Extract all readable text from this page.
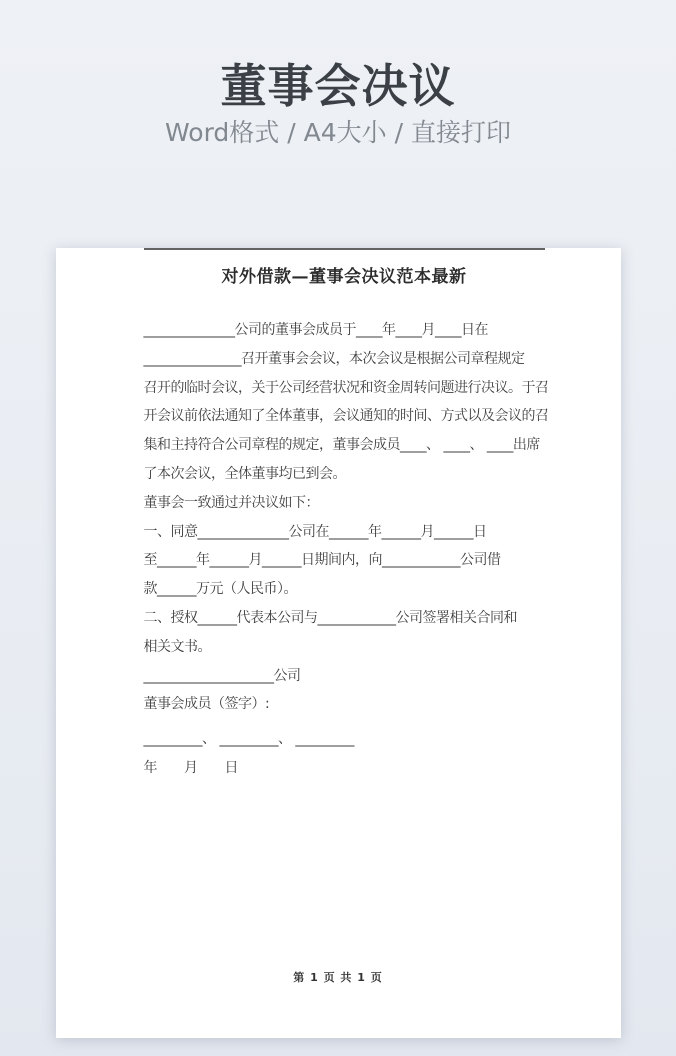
董事会决议
Word格式 / A4大小 / 直接打印
对外借款—董事会决议范本最新
______________公司的董事会成员于____年____月____日在
_______________召开董事会会议，本次会议是根据公司章程规定
召开的临时会议，关于公司经营状况和资金周转问题进行决议。于召
开会议前依法通知了全体董事，会议通知的时间、方式以及会议的召
集和主持符合公司章程的规定，董事会成员____、 ____、 ____出席
了本次会议，全体董事均已到会。
董事会一致通过并决议如下：
一、同意______________公司在______年______月______日
至______年______月______日期间内，向____________公司借
款______万元（人民币）。
二、授权______代表本公司与____________公司签署相关合同和
相关文书。
____________________公司
董事会成员（签字）:
_________、 _________、 _________
年　　月　　日
第 1 页 共 1 页
